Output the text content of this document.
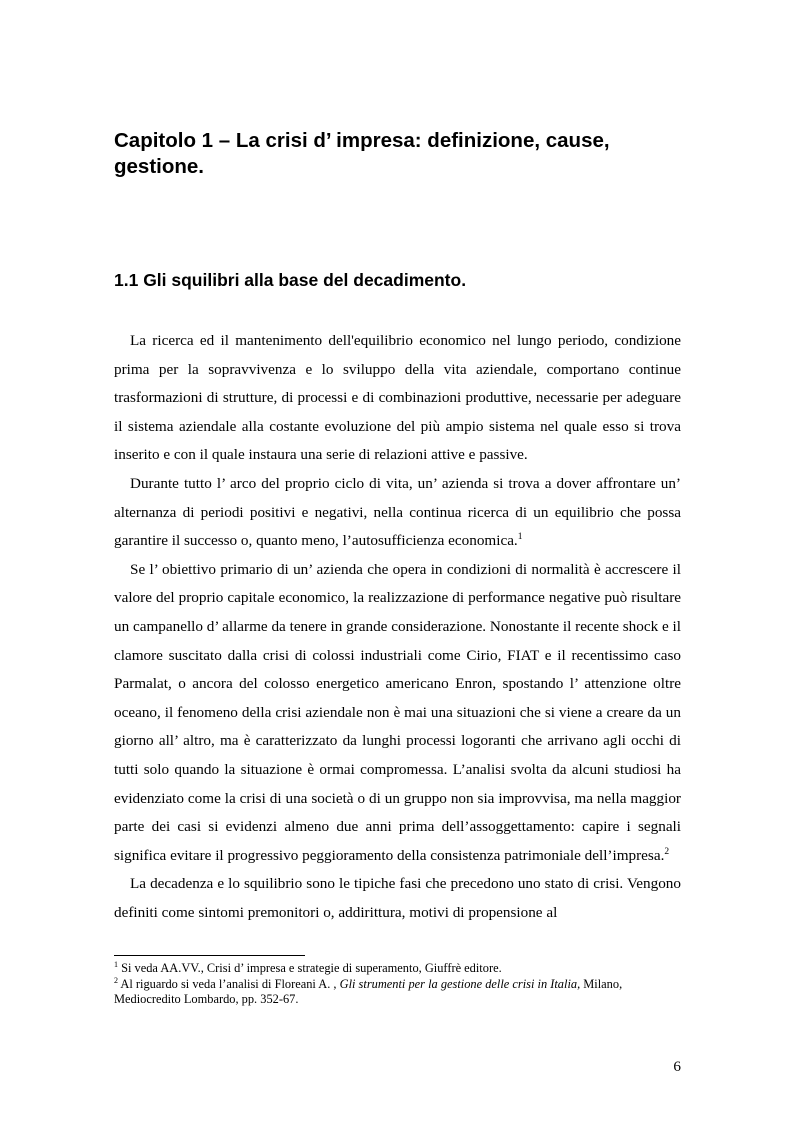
Capitolo 1 – La crisi d’ impresa: definizione, cause, gestione.
1.1 Gli squilibri alla base del decadimento.

La ricerca ed il mantenimento dell'equilibrio economico nel lungo periodo, condizione prima per la sopravvivenza e lo sviluppo della vita aziendale, comportano continue trasformazioni di strutture, di processi e di combinazioni produttive, necessarie per adeguare il sistema aziendale alla costante evoluzione del più ampio sistema nel quale esso si trova inserito e con il quale instaura una serie di relazioni attive e passive.

Durante tutto l’ arco del proprio ciclo di vita, un’ azienda si trova a dover affrontare un’ alternanza di periodi positivi e negativi, nella continua ricerca di un equilibrio che possa garantire il successo o, quanto meno, l’autosufficienza economica.$^1$

Se l’ obiettivo primario di un’ azienda che opera in condizioni di normalità è accrescere il valore del proprio capitale economico, la realizzazione di performance negative può risultare un campanello d’ allarme da tenere in grande considerazione. Nonostante il recente shock e il clamore suscitato dalla crisi di colossi industriali come Cirio, FIAT e il recentissimo caso Parmalat, o ancora del colosso energetico americano Enron, spostando l’ attenzione oltre oceano, il fenomeno della crisi aziendale non è mai una situazioni che si viene a creare da un giorno all’ altro, ma è caratterizzato da lunghi processi logoranti che arrivano agli occhi di tutti solo quando la situazione è ormai compromessa. L’analisi svolta da alcuni studiosi ha evidenziato come la crisi di una società o di un gruppo non sia improvvisa, ma nella maggior parte dei casi si evidenzi almeno due anni prima dell’assoggettamento: capire i segnali significa evitare il progressivo peggioramento della consistenza patrimoniale dell’impresa.$^2$

La decadenza e lo squilibrio sono le tipiche fasi che precedono uno stato di crisi. Vengono definiti come sintomi premonitori o, addirittura, motivi di propensione al

$^1$ Si veda AA.VV., Crisi d’ impresa e strategie di superamento, Giuffrè editore.

$^2$ Al riguardo si veda l’analisi di Floreani A. , Gli strumenti per la gestione delle crisi in Italia, Milano, Mediocredito Lombardo, pp. 352-67.

6
